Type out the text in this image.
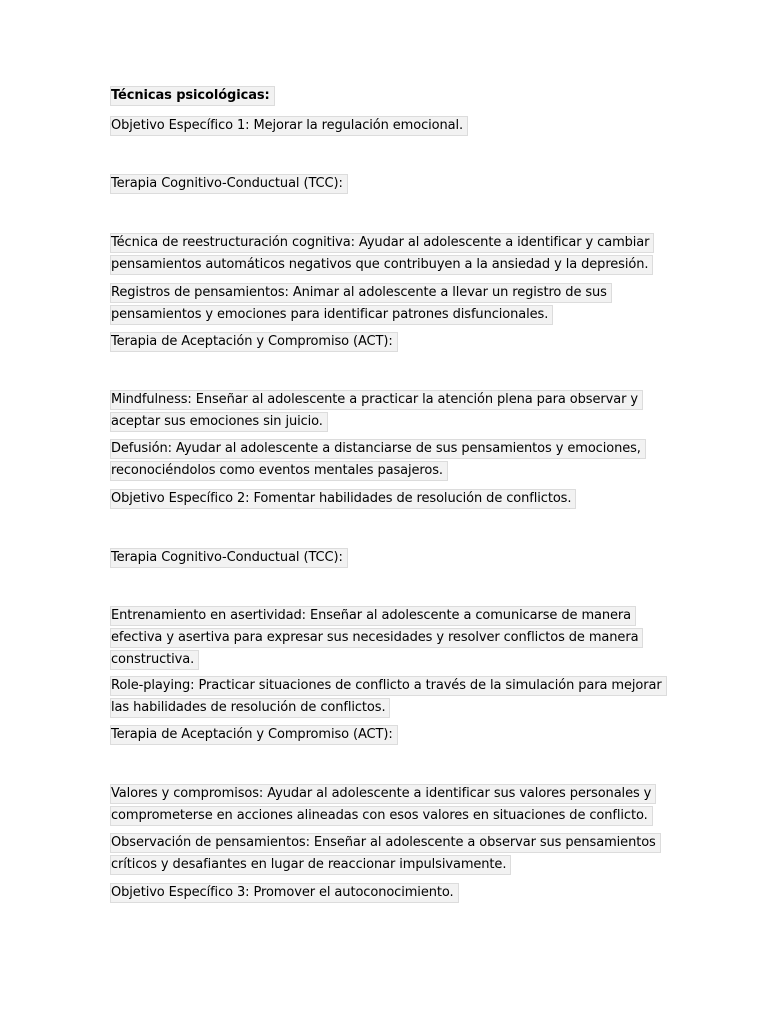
Técnicas psicológicas:
Objetivo Específico 1: Mejorar la regulación emocional.
Terapia Cognitivo-Conductual (TCC):
Técnica de reestructuración cognitiva: Ayudar al adolescente a identificar y cambiar
pensamientos automáticos negativos que contribuyen a la ansiedad y la depresión.
Registros de pensamientos: Animar al adolescente a llevar un registro de sus
pensamientos y emociones para identificar patrones disfuncionales.
Terapia de Aceptación y Compromiso (ACT):
Mindfulness: Enseñar al adolescente a practicar la atención plena para observar y
aceptar sus emociones sin juicio.
Defusión: Ayudar al adolescente a distanciarse de sus pensamientos y emociones,
reconociéndolos como eventos mentales pasajeros.
Objetivo Específico 2: Fomentar habilidades de resolución de conflictos.
Terapia Cognitivo-Conductual (TCC):
Entrenamiento en asertividad: Enseñar al adolescente a comunicarse de manera
efectiva y asertiva para expresar sus necesidades y resolver conflictos de manera
constructiva.
Role-playing: Practicar situaciones de conflicto a través de la simulación para mejorar
las habilidades de resolución de conflictos.
Terapia de Aceptación y Compromiso (ACT):
Valores y compromisos: Ayudar al adolescente a identificar sus valores personales y
comprometerse en acciones alineadas con esos valores en situaciones de conflicto.
Observación de pensamientos: Enseñar al adolescente a observar sus pensamientos
críticos y desafiantes en lugar de reaccionar impulsivamente.
Objetivo Específico 3: Promover el autoconocimiento.
